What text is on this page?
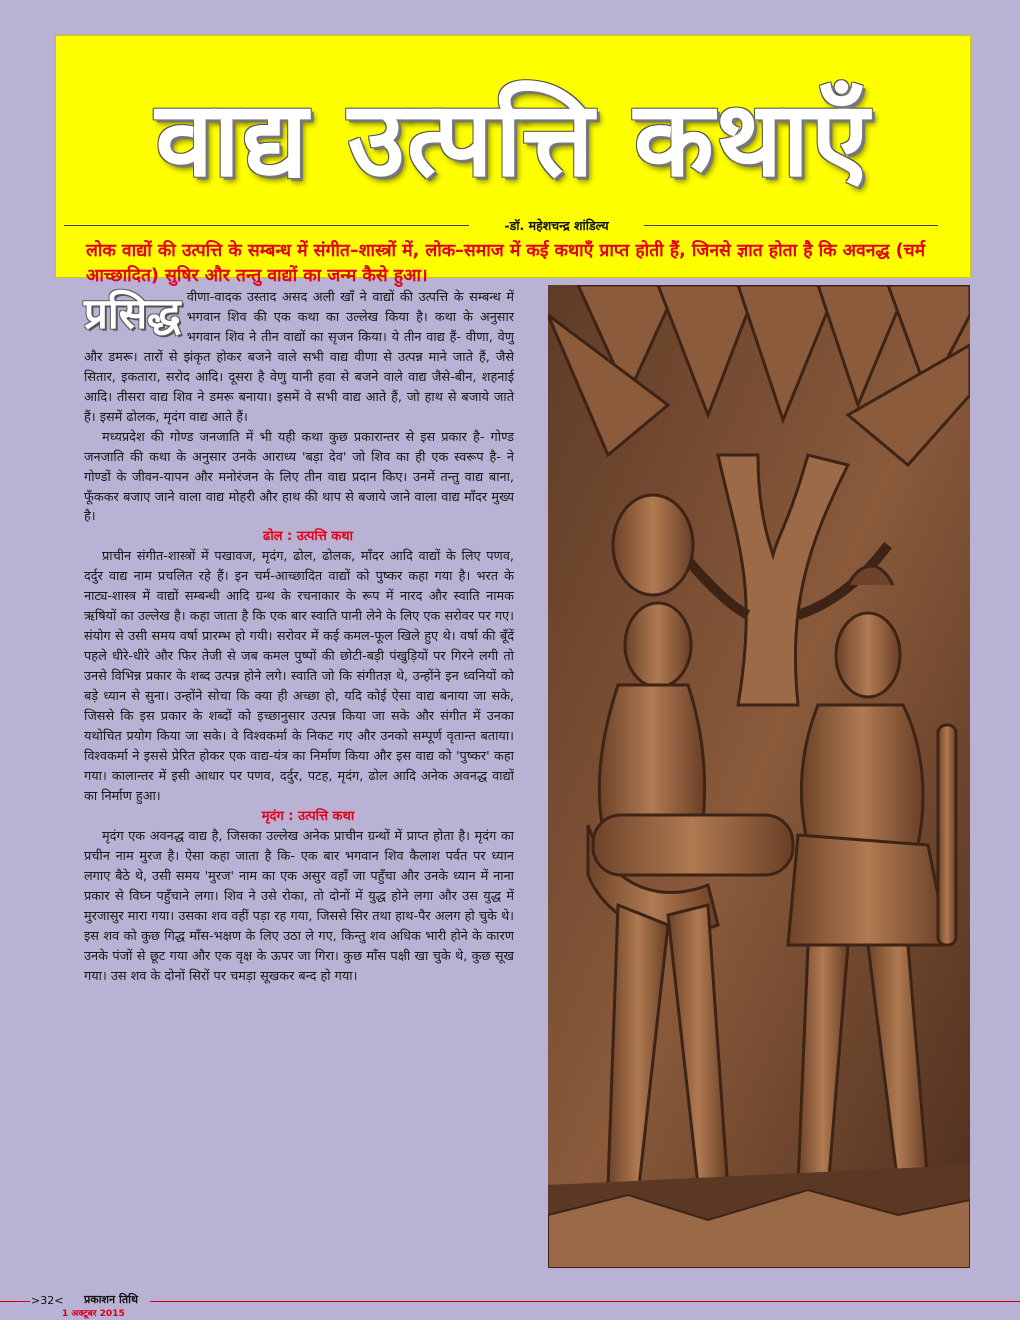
वाद्य उत्पत्ति कथाएँ
-डॉ. महेशचन्द्र शांडिल्य
लोक वाद्यों की उत्पत्ति के सम्बन्ध में संगीत–शास्त्रों में, लोक–समाज में कई कथाएँ प्राप्त होती हैं, जिनसे ज्ञात होता है कि अवनद्ध (चर्म आच्छादित) सुषिर और तन्तु वाद्यों का जन्म कैसे हुआ।

प्रसिद्ध वीणा-वादक उस्ताद असद अली खाँ ने वाद्यों की उत्पत्ति के सम्बन्ध में भगवान शिव की एक कथा का उल्लेख किया है। कथा के अनुसार भगवान शिव ने तीन वाद्यों का सृजन किया। ये तीन वाद्य हैं- वीणा, वेणु और डमरू। तारों से झंकृत होकर बजने वाले सभी वाद्य वीणा से उत्पन्न माने जाते हैं, जैसे सितार, इकतारा, सरोद आदि। दूसरा है वेणु यानी हवा से बजने वाले वाद्य जैसे-बीन, शहनाई आदि। तीसरा वाद्य शिव ने डमरू बनाया। इसमें वे सभी वाद्य आते हैं, जो हाथ से बजाये जाते हैं। इसमें ढोलक, मृदंग वाद्य आते हैं।

मध्यप्रदेश की गोण्ड जनजाति में भी यही कथा कुछ प्रकारान्तर से इस प्रकार है- गोण्ड जनजाति की कथा के अनुसार उनके आराध्य 'बड़ा देव' जो शिव का ही एक स्वरूप है- ने गोण्डों के जीवन-यापन और मनोरंजन के लिए तीन वाद्य प्रदान किए। उनमें तन्तु वाद्य बाना, फूँककर बजाए जाने वाला वाद्य मोहरी और हाथ की थाप से बजाये जाने वाला वाद्य माँदर मुख्य है।

ढोल : उत्पत्ति कथा

प्राचीन संगीत-शास्त्रों में पखावज, मृदंग, ढोल, ढोलक, माँदर आदि वाद्यों के लिए पणव, दर्दुर वाद्य नाम प्रचलित रहे हैं। इन चर्म-आच्छादित वाद्यों को पुष्कर कहा गया है। भरत के नाट्य-शास्त्र में वाद्यों सम्बन्धी आदि ग्रन्थ के रचनाकार के रूप में नारद और स्वाति नामक ऋषियों का उल्लेख है। कहा जाता है कि एक बार स्वाति पानी लेने के लिए एक सरोवर पर गए। संयोग से उसी समय वर्षा प्रारम्भ हो गयी। सरोवर में कई कमल-फूल खिले हुए थे। वर्षा की बूँदें पहले धीरे-धीरे और फिर तेजी से जब कमल पुष्पों की छोटी-बड़ी पंखुड़ियों पर गिरने लगी तो उनसे विभिन्न प्रकार के शब्द उत्पन्न होने लगे। स्वाति जो कि संगीतज्ञ थे, उन्होंने इन ध्वनियों को बड़े ध्यान से सुना। उन्होंने सोचा कि क्या ही अच्छा हो, यदि कोई ऐसा वाद्य बनाया जा सके, जिससे कि इस प्रकार के शब्दों को इच्छानुसार उत्पन्न किया जा सके और संगीत में उनका यथोचित प्रयोग किया जा सके। वे विश्वकर्मा के निकट गए और उनको सम्पूर्ण वृतान्त बताया। विश्वकर्मा ने इससे प्रेरित होकर एक वाद्य-यंत्र का निर्माण किया और इस वाद्य को 'पुष्कर' कहा गया। कालान्तर में इसी आधार पर पणव, दर्दुर, पटह, मृदंग, ढोल आदि अनेक अवनद्ध वाद्यों का निर्माण हुआ।

मृदंग : उत्पत्ति कथा

मृदंग एक अवनद्ध वाद्य है, जिसका उल्लेख अनेक प्राचीन ग्रन्थों में प्राप्त होता है। मृदंग का प्रचीन नाम मुरज है। ऐसा कहा जाता है कि- एक बार भगवान शिव कैलाश पर्वत पर ध्यान लगाए बैठे थे, उसी समय 'मुरज' नाम का एक असुर वहाँ जा पहुँचा और उनके ध्यान में नाना प्रकार से विघ्न पहुँचाने लगा। शिव ने उसे रोका, तो दोनों में युद्ध होने लगा और उस युद्ध में मुरजासुर मारा गया। उसका शव वहीं पड़ा रह गया, जिससे सिर तथा हाथ-पैर अलग हो चुके थे। इस शव को कुछ गिद्ध माँस-भक्षण के लिए उठा ले गए, किन्तु शव अधिक भारी होने के कारण उनके पंजों से छूट गया और एक वृक्ष के ऊपर जा गिरा। कुछ माँस पक्षी खा चुके थे, कुछ सूख गया। उस शव के दोनों सिरों पर चमड़ा सूखकर बन्द हो गया।

>32< प्रकाशन तिथि
1 अक्टूबर 2015
